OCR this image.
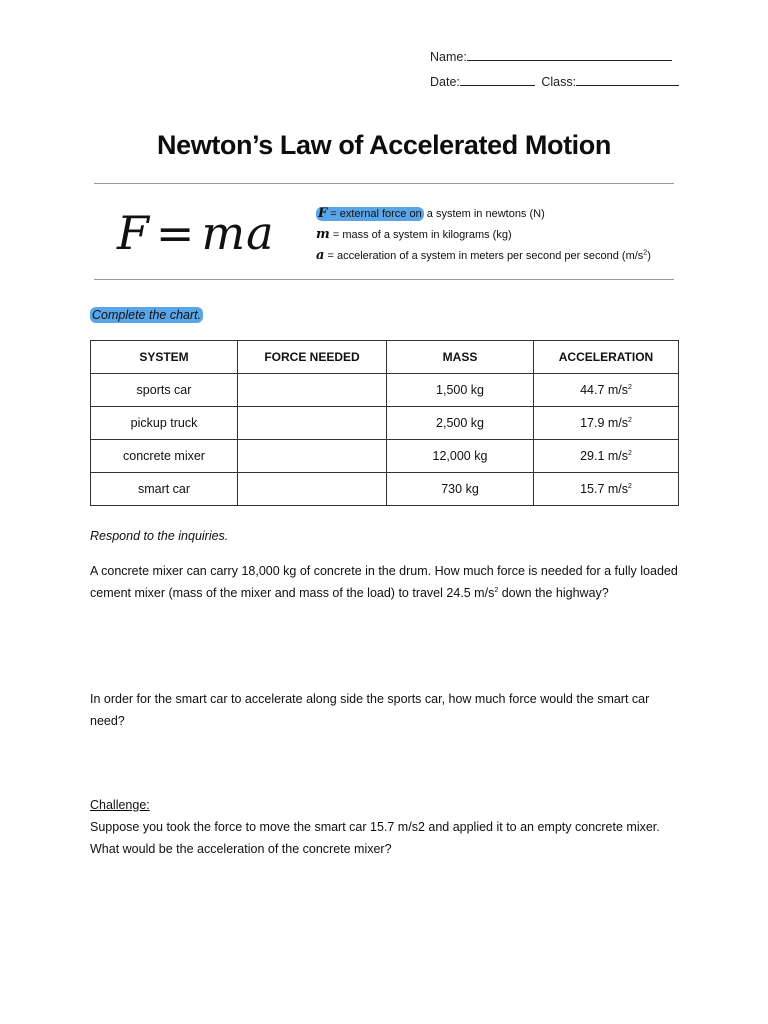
Name:
Date:	Class:
Newton’s Law of Accelerated Motion
F = ma	F = external force on a system in newtons (N)
m = mass of a system in kilograms (kg)
a = acceleration of a system in meters per second per second $(m/s^2)$
Complete the chart.
SYSTEM	FORCE NEEDED	MASS	ACCELERATION
sports car		1,500 kg	44.7 $m/s^2$
pickup truck		2,500 kg	17.9 $m/s^2$
concrete mixer		12,000 kg	29.1 $m/s^2$
smart car		730 kg	15.7 $m/s^2$
Respond to the inquiries.
A concrete mixer can carry 18,000 kg of concrete in the drum. How much force is needed for a fully loaded cement mixer (mass of the mixer and mass of the load) to travel 24.5 $m/s^2$ down the highway?
In order for the smart car to accelerate along side the sports car, how much force would the smart car need?
Challenge:
Suppose you took the force to move the smart car 15.7 m/s2 and applied it to an empty concrete mixer. What would be the acceleration of the concrete mixer?
